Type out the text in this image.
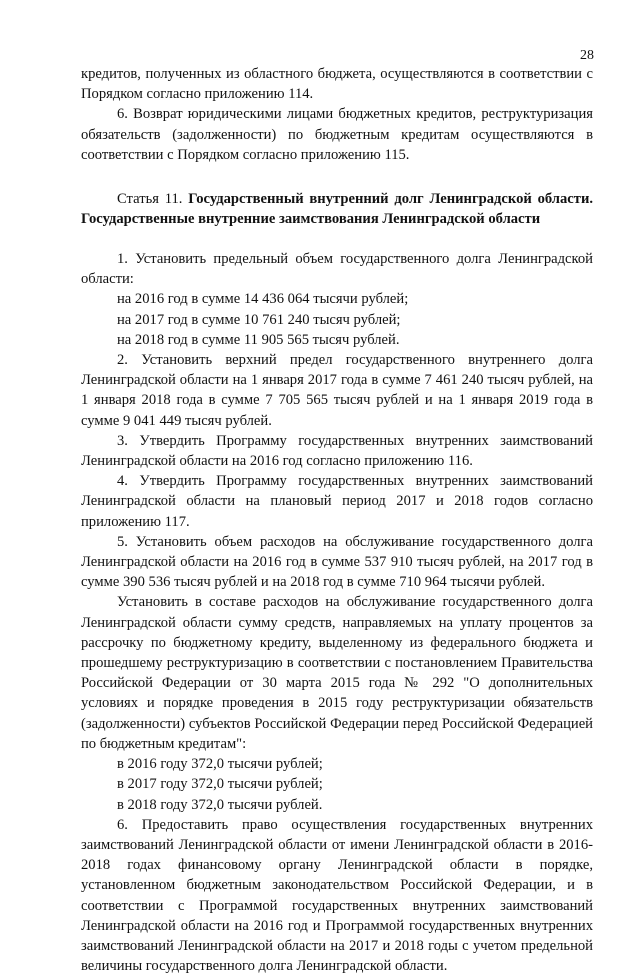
28

кредитов, полученных из областного бюджета, осуществляются в соответствии с Порядком согласно приложению 114.

6. Возврат юридическими лицами бюджетных кредитов, реструктуризация обязательств (задолженности) по бюджетным кредитам осуществляются в соответствии с Порядком согласно приложению 115.

Статья 11. Государственный внутренний долг Ленинградской области. Государственные внутренние заимствования Ленинградской области

1. Установить предельный объем государственного долга Ленинградской области:

на 2016 год в сумме 14 436 064 тысячи рублей;

на 2017 год в сумме 10 761 240 тысяч рублей;

на 2018 год в сумме 11 905 565 тысяч рублей.

2. Установить верхний предел государственного внутреннего долга Ленинградской области на 1 января 2017 года в сумме 7 461 240 тысяч рублей, на 1 января 2018 года в сумме 7 705 565 тысяч рублей и на 1 января 2019 года в сумме 9 041 449 тысяч рублей.

3. Утвердить Программу государственных внутренних заимствований Ленинградской области на 2016 год согласно приложению 116.

4. Утвердить Программу государственных внутренних заимствований Ленинградской области на плановый период 2017 и 2018 годов согласно приложению 117.

5. Установить объем расходов на обслуживание государственного долга Ленинградской области на 2016 год в сумме 537 910 тысяч рублей, на 2017 год в сумме 390 536 тысяч рублей и на 2018 год в сумме 710 964 тысячи рублей.

Установить в составе расходов на обслуживание государственного долга Ленинградской области сумму средств, направляемых на уплату процентов за рассрочку по бюджетному кредиту, выделенному из федерального бюджета и прошедшему реструктуризацию в соответствии с постановлением Правительства Российской Федерации от 30 марта 2015 года № 292 "О дополнительных условиях и порядке проведения в 2015 году реструктуризации обязательств (задолженности) субъектов Российской Федерации перед Российской Федерацией по бюджетным кредитам":

в 2016 году 372,0 тысячи рублей;

в 2017 году 372,0 тысячи рублей;

в 2018 году 372,0 тысячи рублей.

6. Предоставить право осуществления государственных внутренних заимствований Ленинградской области от имени Ленинградской области в 2016-2018 годах финансовому органу Ленинградской области в порядке, установленном бюджетным законодательством Российской Федерации, и в соответствии с Программой государственных внутренних заимствований Ленинградской области на 2016 год и Программой государственных внутренних заимствований Ленинградской области на 2017 и 2018 годы с учетом предельной величины государственного долга Ленинградской области.
